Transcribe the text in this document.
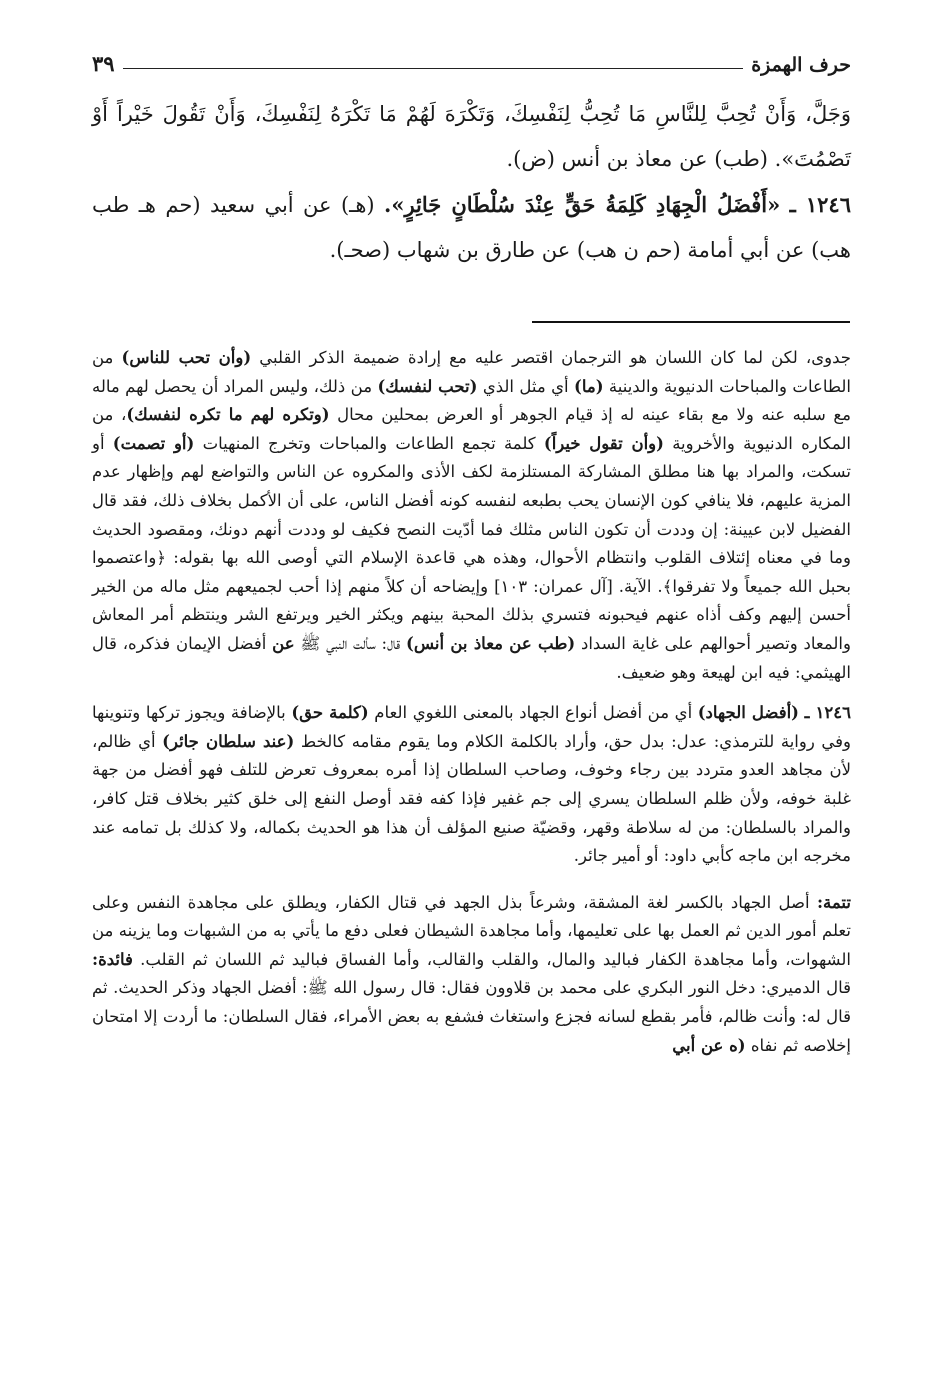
حرف الهمزة
٣٩

وَجَلَّ، وَأَنْ تُحِبَّ لِلنَّاسِ مَا تُحِبُّ لِنَفْسِكَ، وَتَكْرَهَ لَهُمْ مَا تَكْرَهُ لِنَفْسِكَ، وَأَنْ تَقُولَ خَيْراً أَوْ تَصْمُتَ». (طب) عن معاذ بن أنس (ض).

١٢٤٦ ـ «أَفْضَلُ الْجِهَادِ كَلِمَةُ حَقٍّ عِنْدَ سُلْطَانٍ جَائِرٍ». (هـ) عن أبي سعيد (حم هـ طب هب) عن أبي أمامة (حم ن هب) عن طارق بن شهاب (صحـ).

جدوى، لكن لما كان اللسان هو الترجمان اقتصر عليه مع إرادة ضميمة الذكر القلبي (وأن تحب للناس) من الطاعات والمباحات الدنيوية والدينية (ما) أي مثل الذي (تحب لنفسك) من ذلك، وليس المراد أن يحصل لهم ماله مع سلبه عنه ولا مع بقاء عينه له إذ قيام الجوهر أو العرض بمحلين محال (وتكره لهم ما تكره لنفسك)، من المكاره الدنيوية والأخروية (وأن تقول خيراً) كلمة تجمع الطاعات والمباحات وتخرج المنهيات (أو تصمت) أو تسكت، والمراد بها هنا مطلق المشاركة المستلزمة لكف الأذى والمكروه عن الناس والتواضع لهم وإظهار عدم المزية عليهم، فلا ينافي كون الإنسان يحب بطبعه لنفسه كونه أفضل الناس، على أن الأكمل بخلاف ذلك، فقد قال الفضيل لابن عيينة: إن وددت أن تكون الناس مثلك فما أدّيت النصح فكيف لو وددت أنهم دونك، ومقصود الحديث وما في معناه إئتلاف القلوب وانتظام الأحوال، وهذه هي قاعدة الإسلام التي أوصى الله بها بقوله: ﴿واعتصموا بحبل الله جميعاً ولا تفرقوا﴾. الآية. [آل عمران: ١٠٣] وإيضاحه أن كلاً منهم إذا أحب لجميعهم مثل ماله من الخير أحسن إليهم وكف أذاه عنهم فيحبونه فتسري بذلك المحبة بينهم ويكثر الخير ويرتفع الشر وينتظم أمر المعاش والمعاد وتصير أحوالهم على غاية السداد (طب عن معاذ بن أنس) قال: سألت النبي ﷺ عن أفضل الإيمان فذكره، قال الهيثمي: فيه ابن لهيعة وهو ضعيف.

١٢٤٦ ـ (أفضل الجهاد) أي من أفضل أنواع الجهاد بالمعنى اللغوي العام (كلمة حق) بالإضافة ويجوز تركها وتنوينها وفي رواية للترمذي: عدل: بدل حق، وأراد بالكلمة الكلام وما يقوم مقامه كالخط (عند سلطان جائر) أي ظالم، لأن مجاهد العدو متردد بين رجاء وخوف، وصاحب السلطان إذا أمره بمعروف تعرض للتلف فهو أفضل من جهة غلبة خوفه، ولأن ظلم السلطان يسري إلى جم غفير فإذا كفه فقد أوصل النفع إلى خلق كثير بخلاف قتل كافر، والمراد بالسلطان: من له سلاطة وقهر، وقضيّة صنيع المؤلف أن هذا هو الحديث بكماله، ولا كذلك بل تمامه عند مخرجه ابن ماجه كأبي داود: أو أمير جائر.

تتمة: أصل الجهاد بالكسر لغة المشقة، وشرعاً بذل الجهد في قتال الكفار، ويطلق على مجاهدة النفس وعلى تعلم أمور الدين ثم العمل بها على تعليمها، وأما مجاهدة الشيطان فعلى دفع ما يأتي به من الشبهات وما يزينه من الشهوات، وأما مجاهدة الكفار فباليد والمال، والقلب والقالب، وأما الفساق فباليد ثم اللسان ثم القلب. فائدة: قال الدميري: دخل النور البكري على محمد بن قلاوون فقال: قال رسول الله ﷺ: أفضل الجهاد وذكر الحديث. ثم قال له: وأنت ظالم، فأمر بقطع لسانه فجزع واستغاث فشفع به بعض الأمراء، فقال السلطان: ما أردت إلا امتحان إخلاصه ثم نفاه (ه عن أبي
